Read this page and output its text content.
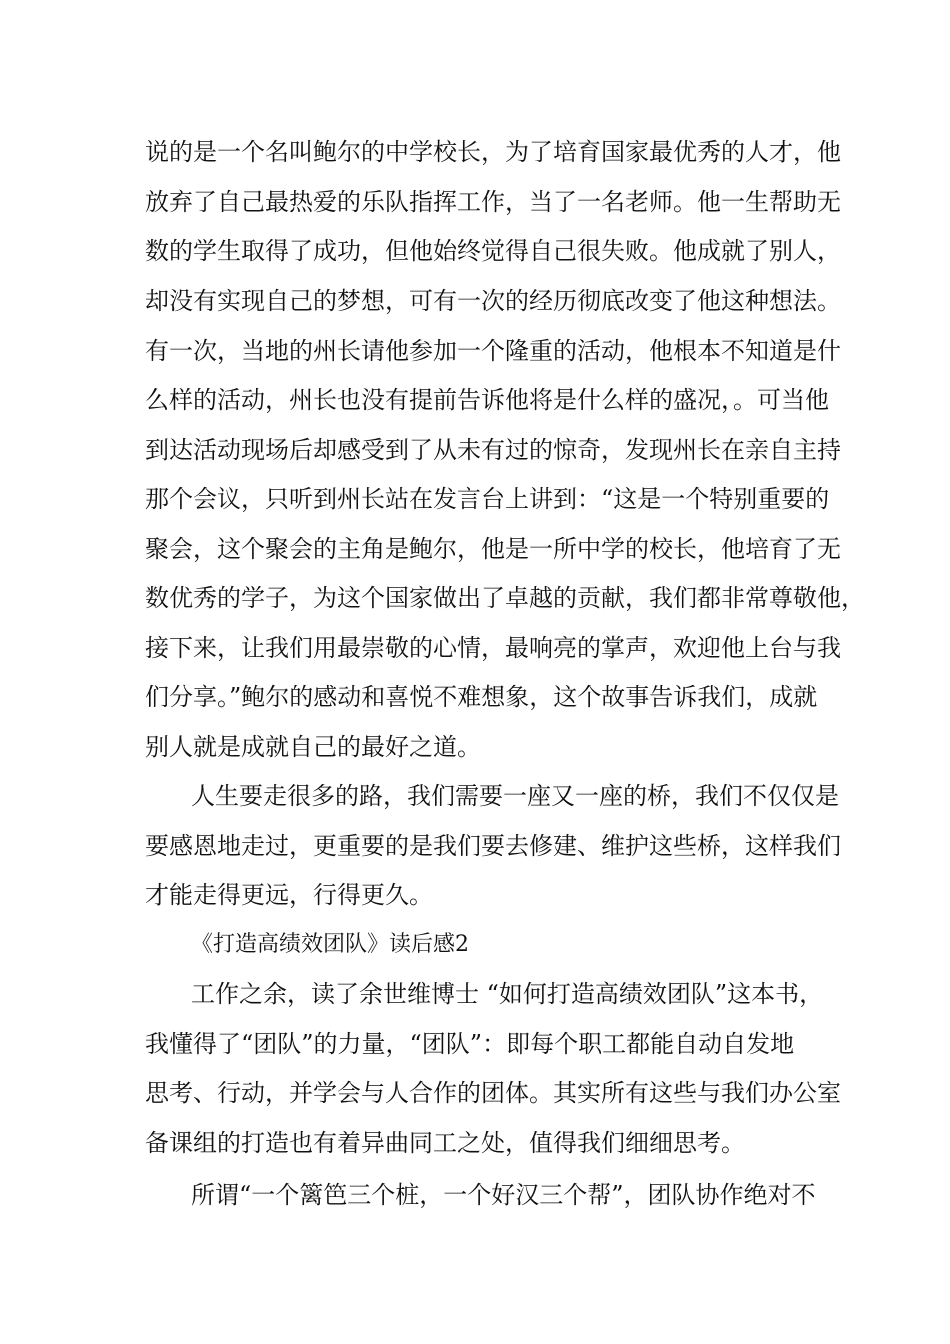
说的是一个名叫鲍尔的中学校长，为了培育国家最优秀的人才，他
放弃了自己最热爱的乐队指挥工作，当了一名老师。他一生帮助无
数的学生取得了成功，但他始终觉得自己很失败。他成就了别人，
却没有实现自己的梦想，可有一次的经历彻底改变了他这种想法。
有一次，当地的州长请他参加一个隆重的活动，他根本不知道是什
么样的活动，州长也没有提前告诉他将是什么样的盛况，。可当他
到达活动现场后却感受到了从未有过的惊奇，发现州长在亲自主持
那个会议，只听到州长站在发言台上讲到：“这是一个特别重要的
聚会，这个聚会的主角是鲍尔，他是一所中学的校长，他培育了无
数优秀的学子，为这个国家做出了卓越的贡献，我们都非常尊敬他，
接下来，让我们用最崇敬的心情，最响亮的掌声，欢迎他上台与我
们分享。”鲍尔的感动和喜悦不难想象，这个故事告诉我们，成就
别人就是成就自己的最好之道。
人生要走很多的路，我们需要一座又一座的桥，我们不仅仅是
要感恩地走过，更重要的是我们要去修建、维护这些桥，这样我们
才能走得更远，行得更久。
《打造高绩效团队》读后感2
工作之余，读了余世维博士 “如何打造高绩效团队”这本书，
我懂得了“团队”的力量，“团队”：即每个职工都能自动自发地
思考、行动，并学会与人合作的团体。其实所有这些与我们办公室
备课组的打造也有着异曲同工之处，值得我们细细思考。
所谓“一个篱笆三个桩，一个好汉三个帮”，团队协作绝对不
